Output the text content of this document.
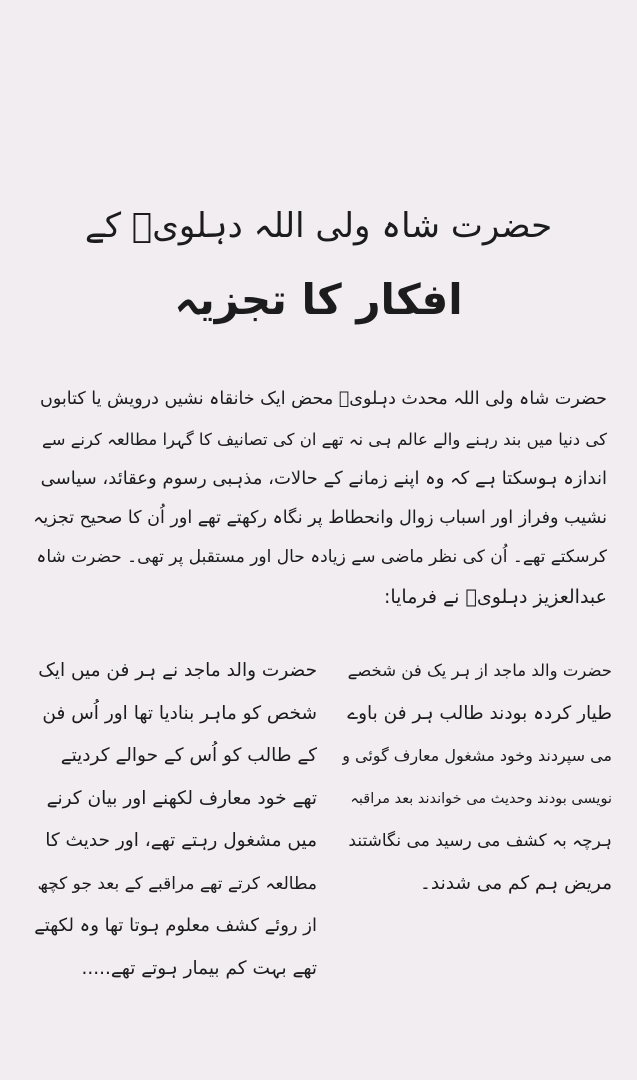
حضرت شاہ ولی اللہ دہلویؒ کے
افکار کا تجزیہ
حضرت شاہ ولی اللہ محدث دہلویؒ محض ایک خانقاہ نشیں درویش یا کتابوں
کی دنیا میں بند رہنے والے عالم ہی نہ تھے ان کی تصانیف کا گہرا مطالعہ کرنے سے
اندازہ ہوسکتا ہے کہ وہ اپنے زمانے کے حالات، مذہبی رسوم وعقائد، سیاسی
نشیب وفراز اور اسباب زوال وانحطاط پر نگاہ رکھتے تھے اور اُن کا صحیح تجزیہ
کرسکتے تھے۔ اُن کی نظر ماضی سے زیادہ حال اور مستقبل پر تھی۔ حضرت شاہ
عبدالعزیز دہلویؒ نے فرمایا:
حضرت والد ماجد از ہر یک فن شخصے
طیار کردہ بودند طالب ہر فن باوے
می سپردند وخود مشغول معارف گوئی و
نویسی بودند وحدیث می خواندند بعد مراقبہ
ہرچہ بہ کشف می رسید می نگاشتند
مریض ہم کم می شدند۔
حضرت والد ماجد نے ہر فن میں ایک
شخص کو ماہر بنادیا تھا اور اُس فن
کے طالب کو اُس کے حوالے کردیتے
تھے خود معارف لکھنے اور بیان کرنے
میں مشغول رہتے تھے، اور حدیث کا
مطالعہ کرتے تھے مراقبے کے بعد جو کچھ
از روئے کشف معلوم ہوتا تھا وہ لکھتے
تھے بہت کم بیمار ہوتے تھے.....
